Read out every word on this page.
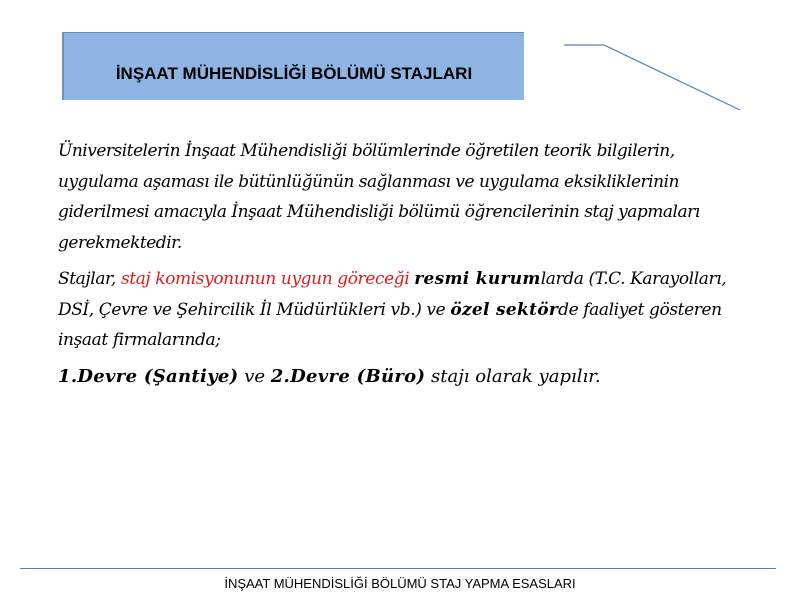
İNŞAAT MÜHENDİSLİĞİ BÖLÜMÜ STAJLARI

Üniversitelerin İnşaat Mühendisliği bölümlerinde öğretilen teorik bilgilerin, uygulama aşaması ile bütünlüğünün sağlanması ve uygulama eksikliklerinin giderilmesi amacıyla İnşaat Mühendisliği bölümü öğrencilerinin staj yapmaları gerekmektedir.

Stajlar, staj komisyonunun uygun göreceği resmi kurumlarda (T.C. Karayolları, DSİ, Çevre ve Şehircilik İl Müdürlükleri vb.) ve özel sektörde faaliyet gösteren inşaat firmalarında;

1.Devre (Şantiye) ve 2.Devre (Büro) stajı olarak yapılır.

İNŞAAT MÜHENDİSLİĞİ BÖLÜMÜ STAJ YAPMA ESASLARI
